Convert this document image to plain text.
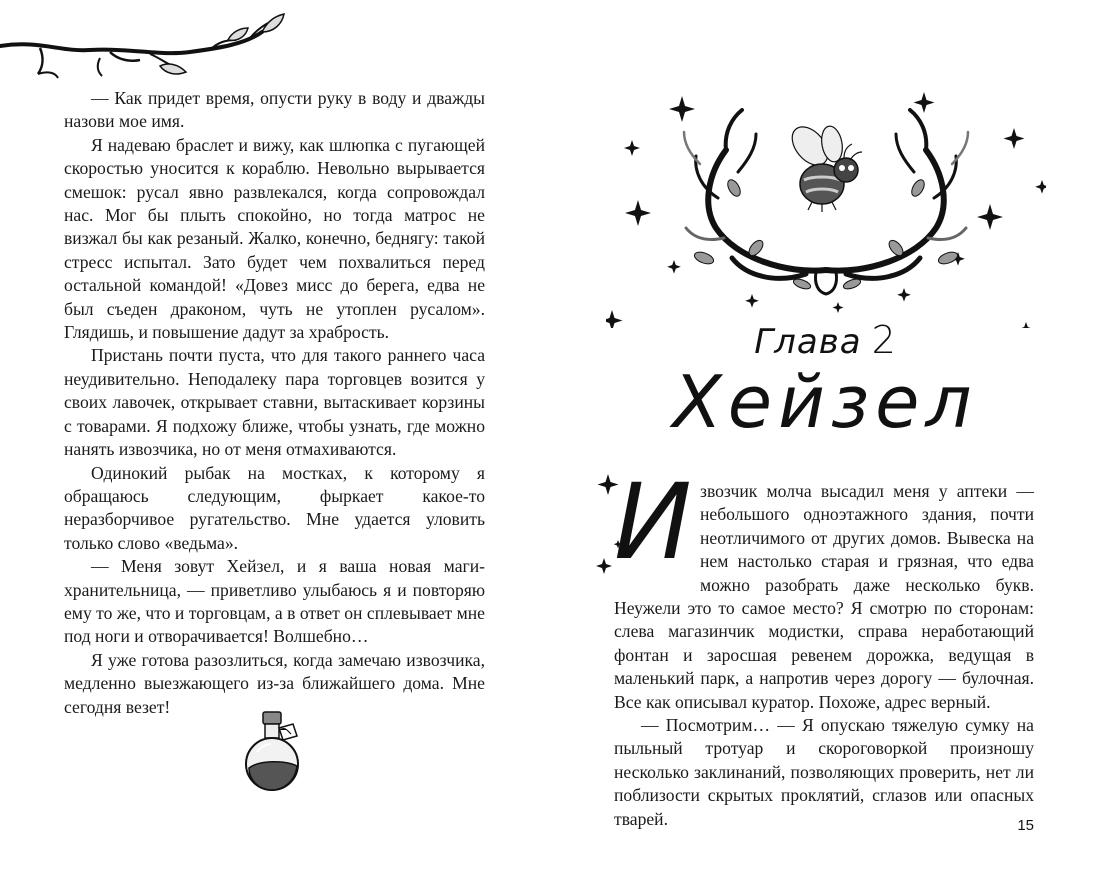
— Как придет время, опусти руку в воду и дважды назови мое имя.

Я надеваю браслет и вижу, как шлюпка с пугающей скоростью уносится к кораблю. Невольно вырывается смешок: русал явно развлекался, когда сопровождал нас. Мог бы плыть спокойно, но тогда матрос не визжал бы как резаный. Жалко, конечно, беднягу: такой стресс испытал. Зато будет чем похвалиться перед остальной командой! «Довез мисс до берега, едва не был съеден драконом, чуть не утоплен русалом». Глядишь, и повышение дадут за храбрость.

Пристань почти пуста, что для такого раннего часа неудивительно. Неподалеку пара торговцев возится у своих лавочек, открывает ставни, вытаскивает корзины с товарами. Я подхожу ближе, чтобы узнать, где можно нанять извозчика, но от меня отмахиваются.

Одинокий рыбак на мостках, к которому я обращаюсь следующим, фыркает какое-то неразборчивое ругательство. Мне удается уловить только слово «ведьма».

— Меня зовут Хейзел, и я ваша новая маги-хранительница, — приветливо улыбаюсь я и повторяю ему то же, что и торговцам, а в ответ он сплевывает мне под ноги и отворачивается! Волшебно…

Я уже готова разозлиться, когда замечаю извозчика, медленно выезжающего из-за ближайшего дома. Мне сегодня везет!

Глава 2
Хейзел

И звозчик молча высадил меня у аптеки — небольшого одноэтажного здания, почти неотличимого от других домов. Вывеска на нем настолько старая и грязная, что едва можно разобрать даже несколько букв. Неужели это то самое место? Я смотрю по сторонам: слева магазинчик модистки, справа неработающий фонтан и заросшая ревенем дорожка, ведущая в маленький парк, а напротив через дорогу — булочная. Все как описывал куратор. Похоже, адрес верный.

— Посмотрим… — Я опускаю тяжелую сумку на пыльный тротуар и скороговоркой произношу несколько заклинаний, позволяющих проверить, нет ли поблизости скрытых проклятий, сглазов или опасных тварей.	15
